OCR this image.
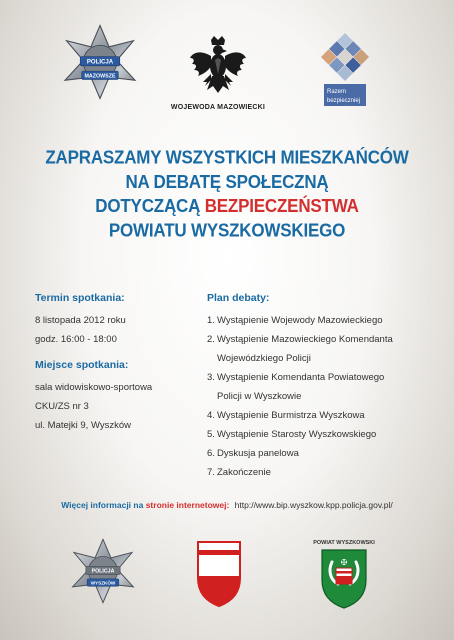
POLICJA
MAZOWSZE
WOJEWODA MAZOWIECKI
Razem
bezpieczniej
ZAPRASZAMY WSZYSTKICH MIESZKAŃCÓW
NA DEBATĘ SPOŁECZNĄ
DOTYCZĄCĄ BEZPIECZEŃSTWA
POWIATU WYSZKOWSKIEGO
Termin spotkania:
8 listopada 2012 roku
godz. 16:00 - 18:00
Miejsce spotkania:
sala widowiskowo-sportowa
CKU/ZS nr 3
ul. Matejki 9, Wyszków
Plan debaty:
1. Wystąpienie Wojewody Mazowieckiego
2. Wystąpienie Mazowieckiego Komendanta
Wojewódzkiego Policji
3. Wystąpienie Komendanta Powiatowego
Policji w Wyszkowie
4. Wystąpienie Burmistrza Wyszkowa
5. Wystąpienie Starosty Wyszkowskiego
6. Dyskusja panelowa
7. Zakończenie
Więcej informacji na stronie internetowej: http://www.bip.wyszkow.kpp.policja.gov.pl/
POLICJA
WYSZKÓW
POWIAT WYSZKOWSKI
✠
